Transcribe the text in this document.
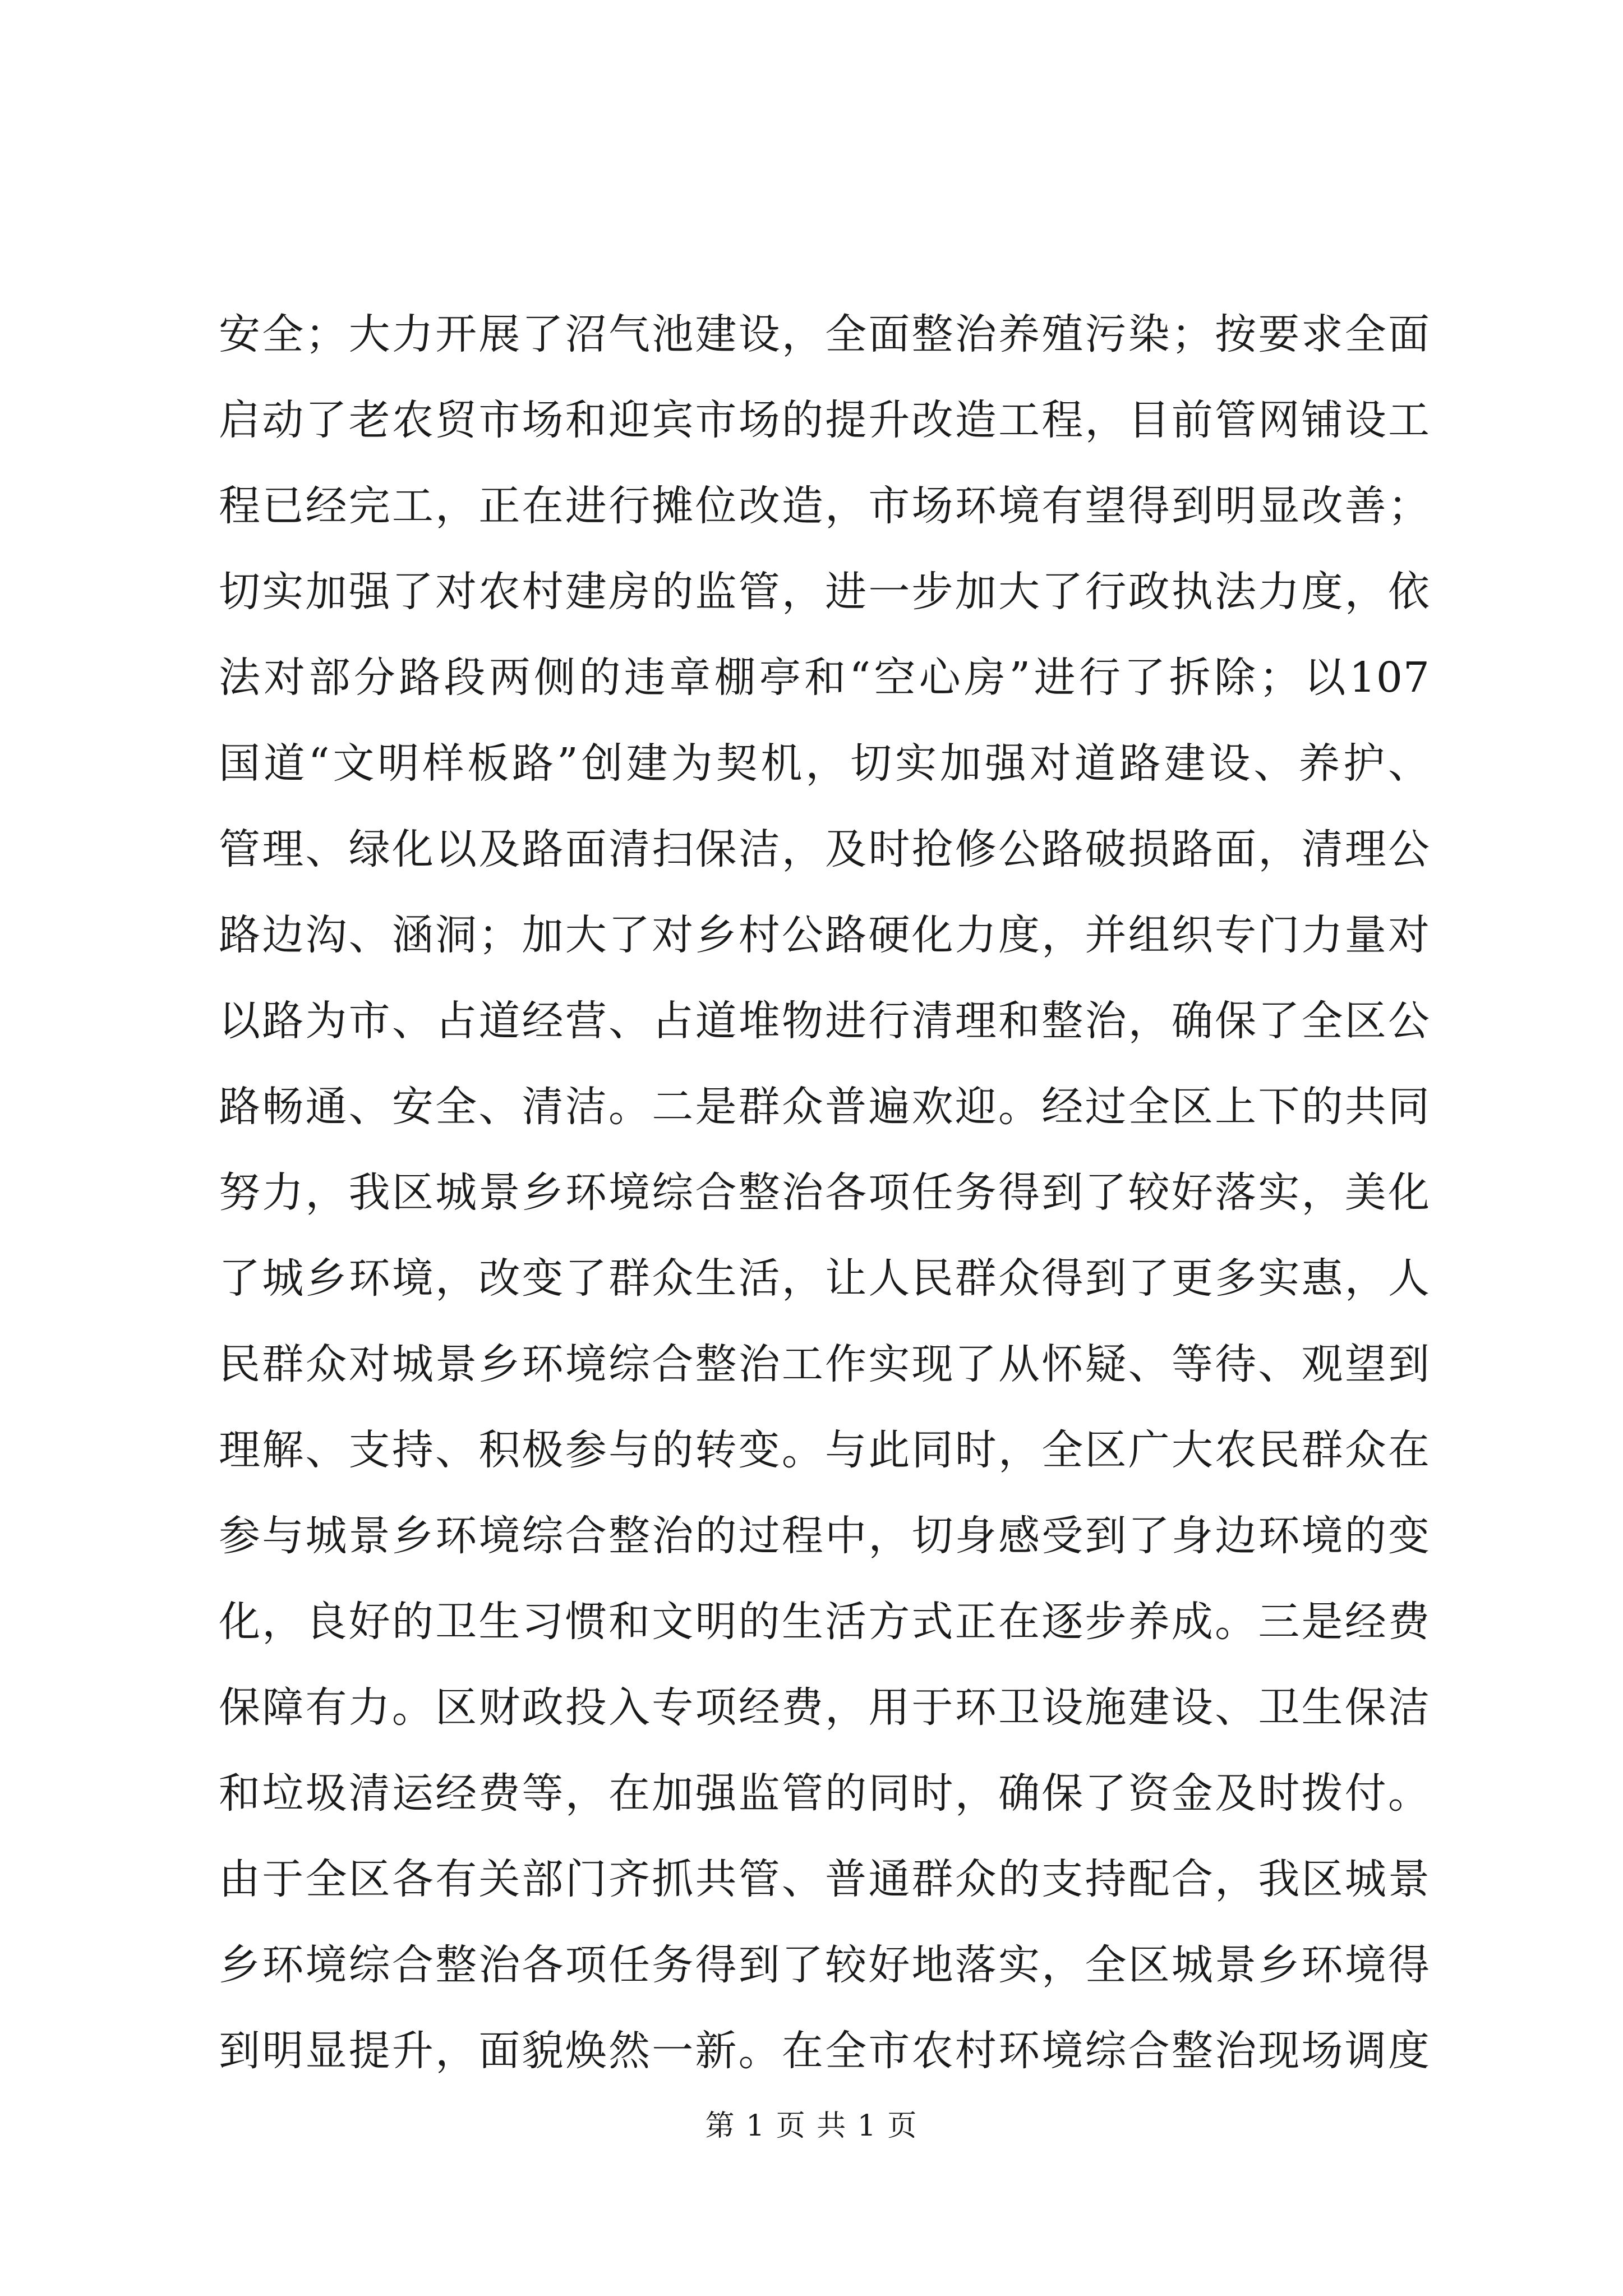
安全；大力开展了沼气池建设，全面整治养殖污染；按要求全面
启动了老农贸市场和迎宾市场的提升改造工程，目前管网铺设工
程已经完工，正在进行摊位改造，市场环境有望得到明显改善；
切实加强了对农村建房的监管，进一步加大了行政执法力度，依
法对部分路段两侧的违章棚亭和“空心房”进行了拆除；以107
国道“文明样板路”创建为契机，切实加强对道路建设、养护、
管理、绿化以及路面清扫保洁，及时抢修公路破损路面，清理公
路边沟、涵洞；加大了对乡村公路硬化力度，并组织专门力量对
以路为市、占道经营、占道堆物进行清理和整治，确保了全区公
路畅通、安全、清洁。二是群众普遍欢迎。经过全区上下的共同
努力，我区城景乡环境综合整治各项任务得到了较好落实，美化
了城乡环境，改变了群众生活，让人民群众得到了更多实惠，人
民群众对城景乡环境综合整治工作实现了从怀疑、等待、观望到
理解、支持、积极参与的转变。与此同时，全区广大农民群众在
参与城景乡环境综合整治的过程中，切身感受到了身边环境的变
化，良好的卫生习惯和文明的生活方式正在逐步养成。三是经费
保障有力。区财政投入专项经费，用于环卫设施建设、卫生保洁
和垃圾清运经费等，在加强监管的同时，确保了资金及时拨付。
由于全区各有关部门齐抓共管、普通群众的支持配合，我区城景
乡环境综合整治各项任务得到了较好地落实，全区城景乡环境得
到明显提升，面貌焕然一新。在全市农村环境综合整治现场调度
第 1 页 共 1 页
